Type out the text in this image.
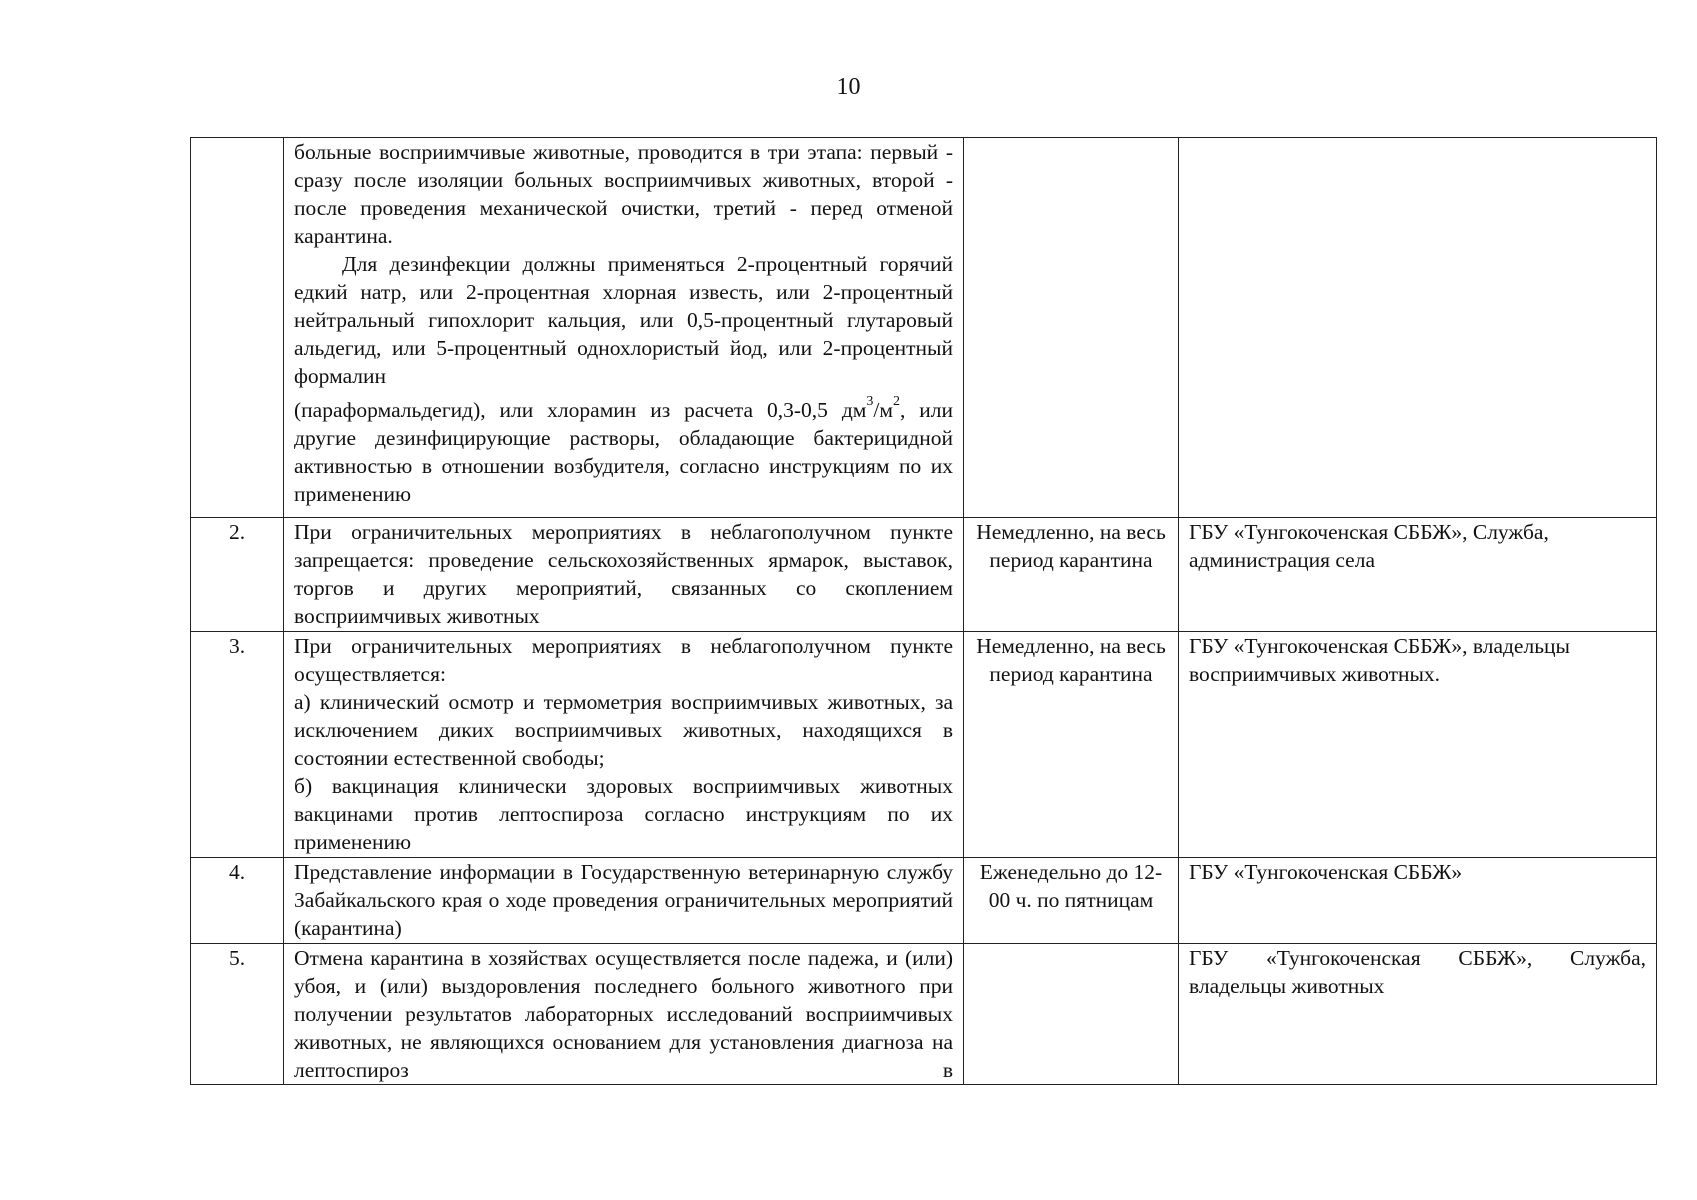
10

	больные восприимчивые животные, проводится в три этапа: первый - сразу после изоляции больных восприимчивых животных, второй - после проведения механической очистки, третий - перед отменой карантина.
Для дезинфекции должны применяться 2-процентный горячий едкий натр, или 2-процентная хлорная известь, или 2-процентный нейтральный гипохлорит кальция, или 0,5-процентный глутаровый альдегид, или 5-процентный однохлористый йод, или 2-процентный формалин
(параформальдегид), или хлорамин из расчета 0,3-0,5 $дм^3/м^2$, или другие дезинфицирующие растворы, обладающие бактерицидной активностью в отношении возбудителя, согласно инструкциям по их применению		

2.	При ограничительных мероприятиях в неблагополучном пункте запрещается: проведение сельскохозяйственных ярмарок, выставок, торгов и других мероприятий, связанных со скоплением восприимчивых животных	Немедленно, на весь период карантина	ГБУ «Тунгокоченская СББЖ», Служба, администрация села
3.	При ограничительных мероприятиях в неблагополучном пункте осуществляется:
а) клинический осмотр и термометрия восприимчивых животных, за исключением диких восприимчивых животных, находящихся в состоянии естественной свободы;
б) вакцинация клинически здоровых восприимчивых животных вакцинами против лептоспироза согласно инструкциям по их применению	Немедленно, на весь период карантина	ГБУ «Тунгокоченская СББЖ», владельцы восприимчивых животных.
4.	Представление информации в Государственную ветеринарную службу Забайкальского края о ходе проведения ограничительных мероприятий (карантина)	Еженедельно до 12-00 ч. по пятницам	ГБУ «Тунгокоченская СББЖ»
5.	Отмена карантина в хозяйствах осуществляется после падежа, и (или) убоя, и (или) выздоровления последнего больного животного при получении результатов лабораторных исследований восприимчивых животных, не являющихся основанием для установления диагноза на лептоспироз в		ГБУ «Тунгокоченская СББЖ», Служба, владельцы животных
